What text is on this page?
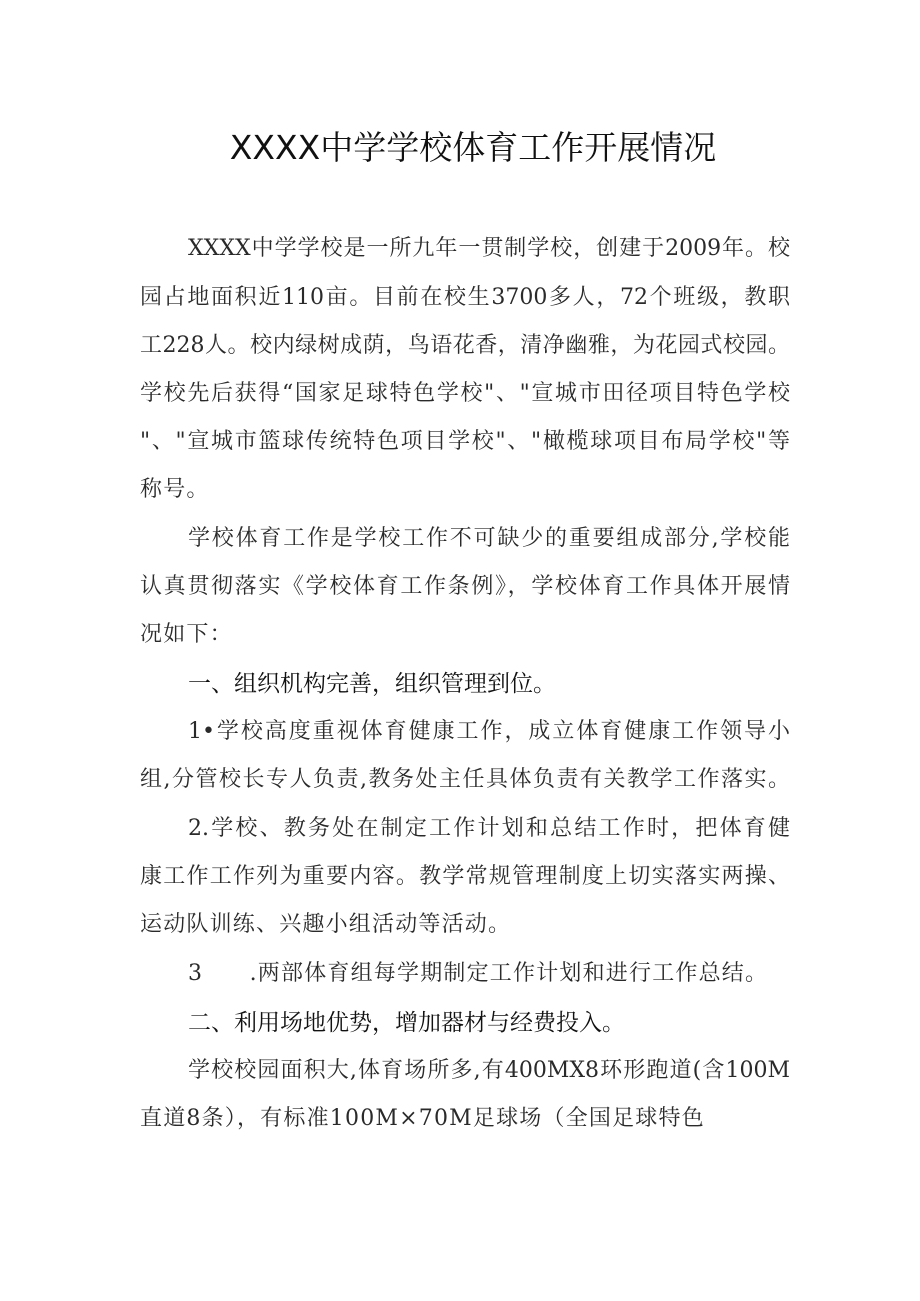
XXXX中学学校体育工作开展情况
XXXX中学学校是一所九年一贯制学校，创建于2009年。校
园占地面积近110亩。目前在校生3700多人，72个班级，教职
工228人。校内绿树成荫，鸟语花香，清净幽雅，为花园式校园。
学校先后获得“国家足球特色学校"、"宣城市田径项目特色学校
"、"宣城市篮球传统特色项目学校"、"橄榄球项目布局学校"等
称号。
学校体育工作是学校工作不可缺少的重要组成部分,学校能
认真贯彻落实《学校体育工作条例》，学校体育工作具体开展情
况如下：
一、组织机构完善，组织管理到位。
1•学校高度重视体育健康工作，成立体育健康工作领导小
组,分管校长专人负责,教务处主任具体负责有关教学工作落实。
2.学校、教务处在制定工作计划和总结工作时，把体育健
康工作工作列为重要内容。教学常规管理制度上切实落实两操、
运动队训练、兴趣小组活动等活动。
3　　.两部体育组每学期制定工作计划和进行工作总结。
二、利用场地优势，增加器材与经费投入。
学校校园面积大,体育场所多,有400MX8环形跑道(含100M
直道8条），有标准100M×70M足球场（全国足球特色
